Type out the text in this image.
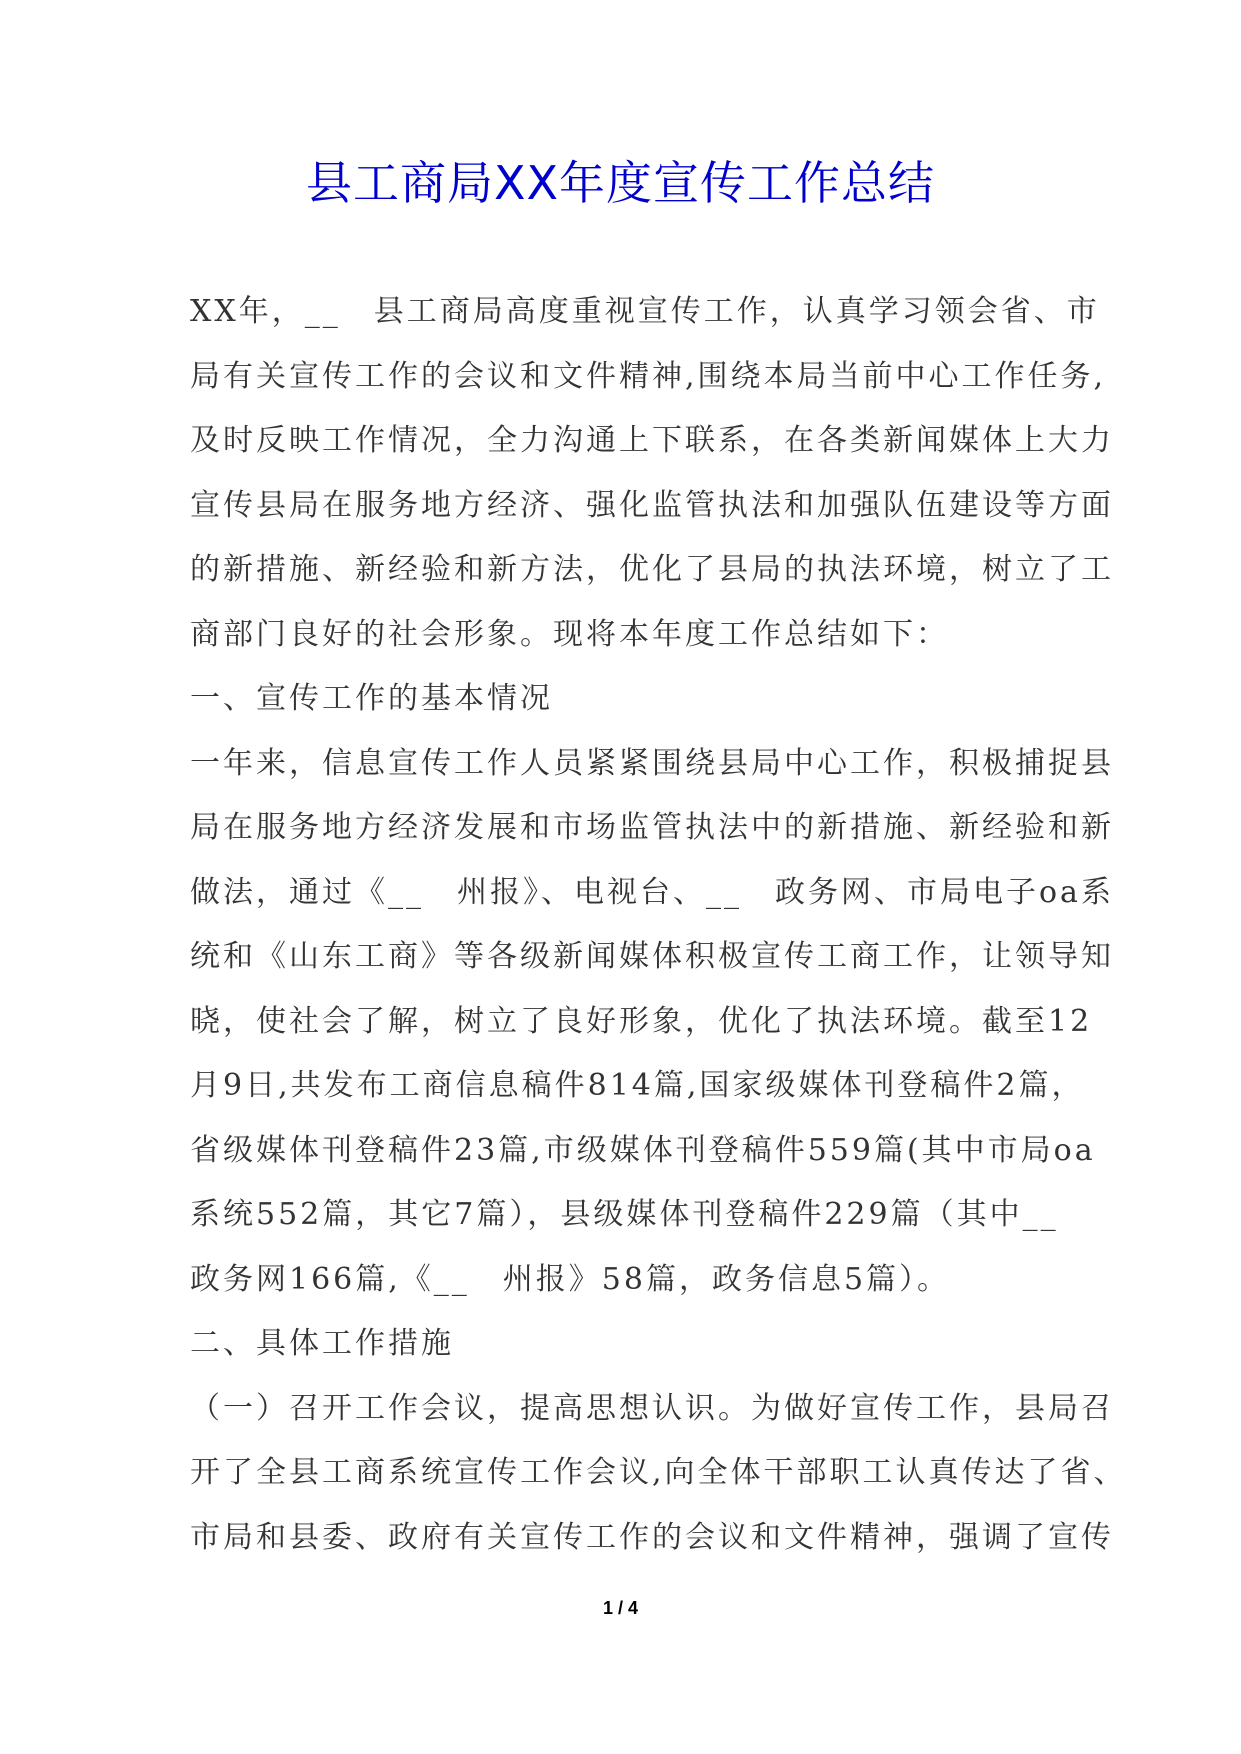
县工商局XX年度宣传工作总结
XX年，__　县工商局高度重视宣传工作，认真学习领会省、市
局有关宣传工作的会议和文件精神,围绕本局当前中心工作任务,
及时反映工作情况，全力沟通上下联系，在各类新闻媒体上大力
宣传县局在服务地方经济、强化监管执法和加强队伍建设等方面
的新措施、新经验和新方法，优化了县局的执法环境，树立了工
商部门良好的社会形象。现将本年度工作总结如下：
一、宣传工作的基本情况
一年来，信息宣传工作人员紧紧围绕县局中心工作，积极捕捉县
局在服务地方经济发展和市场监管执法中的新措施、新经验和新
做法，通过《__　州报》、电视台、__　政务网、市局电子oa系
统和《山东工商》等各级新闻媒体积极宣传工商工作，让领导知
晓，使社会了解，树立了良好形象，优化了执法环境。截至12
月9日,共发布工商信息稿件814篇,国家级媒体刊登稿件2篇，
省级媒体刊登稿件23篇,市级媒体刊登稿件559篇(其中市局oa
系统552篇，其它7篇），县级媒体刊登稿件229篇（其中__
政务网166篇,《__　州报》58篇，政务信息5篇）。
二、具体工作措施
（一）召开工作会议，提高思想认识。为做好宣传工作，县局召
开了全县工商系统宣传工作会议,向全体干部职工认真传达了省、
市局和县委、政府有关宣传工作的会议和文件精神，强调了宣传
1 / 4
